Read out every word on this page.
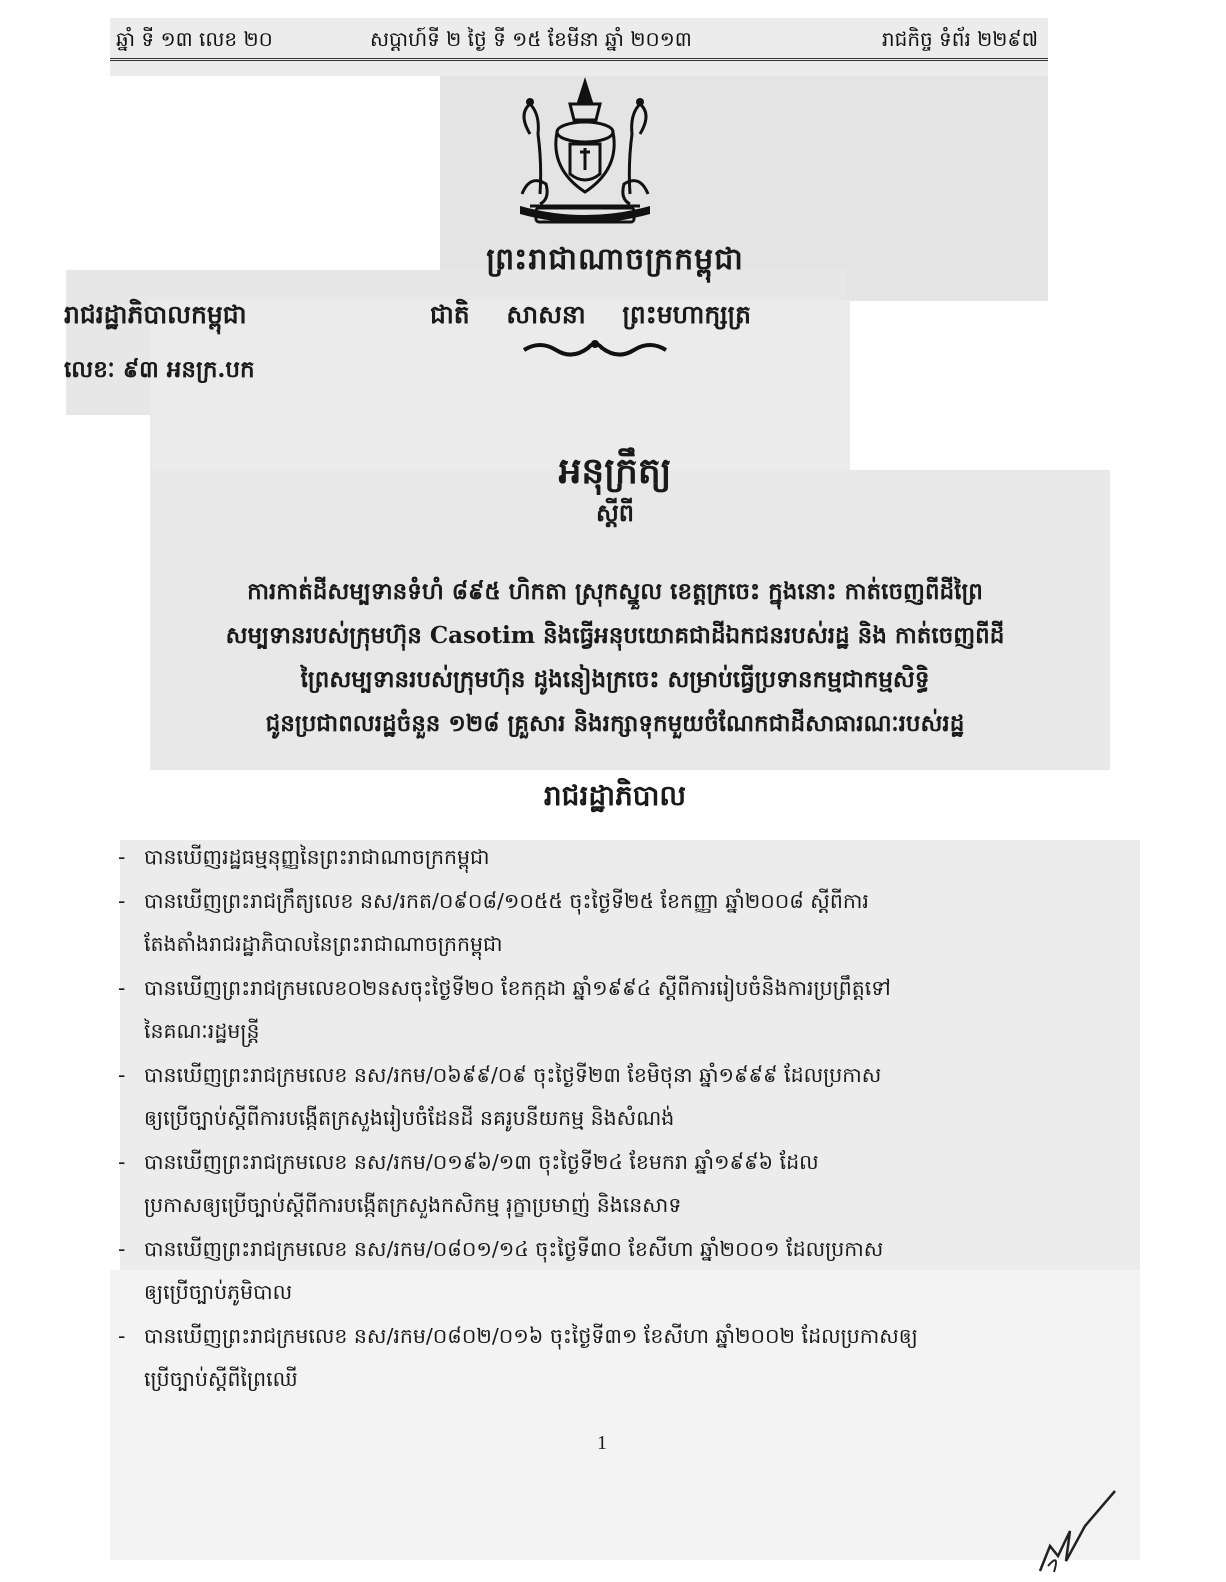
ឆ្នាំ ទី ១៣ លេខ ២០	សប្តាហ៍ទី ២ ថ្ងៃ ទី ១៥ ខែមីនា ឆ្នាំ ២០១៣	រាជកិច្ច ទំព័រ ២២៩៧
ព្រះរាជាណាចក្រកម្ពុជា
រាជរដ្ឋាភិបាលកម្ពុជា	ជាតិ សាសនា ព្រះមហាក្សត្រ
លេខៈ ៩៣ អនក្រ.បក
អនុក្រឹត្យ
ស្តីពី
ការកាត់ដីសម្បទានទំហំ ៨៩៥ ហិកតា ស្រុកស្នួល ខេត្តក្រចេះ ក្នុងនោះ កាត់ចេញពីដីព្រៃ
សម្បទានរបស់ក្រុមហ៊ុន Casotim និងធ្វើអនុបយោគជាដីឯកជនរបស់រដ្ឋ និង កាត់ចេញពីដី
ព្រៃសម្បទានរបស់ក្រុមហ៊ុន ដូងនៀងក្រចេះ សម្រាប់ធ្វើប្រទានកម្មជាកម្មសិទ្ធិ
ជូនប្រជាពលរដ្ឋចំនួន ១២៨ គ្រួសារ និងរក្សាទុកមួយចំណែកជាដីសាធារណៈរបស់រដ្ឋ
រាជរដ្ឋាភិបាល
- បានឃើញរដ្ឋធម្មនុញ្ញនៃព្រះរាជាណាចក្រកម្ពុជា
- បានឃើញព្រះរាជក្រឹត្យលេខ នស/រកត/០៩០៨/១០៥៥ ចុះថ្ងៃទី២៥ ខែកញ្ញា ឆ្នាំ២០០៨ ស្តីពីការ
តែងតាំងរាជរដ្ឋាភិបាលនៃព្រះរាជាណាចក្រកម្ពុជា
- បានឃើញព្រះរាជក្រមលេខ០២នសចុះថ្ងៃទី២០ ខែកក្កដា ឆ្នាំ១៩៩៤ ស្តីពីការរៀបចំនិងការប្រព្រឹត្តទៅ
នៃគណៈរដ្ឋមន្ត្រី
- បានឃើញព្រះរាជក្រមលេខ នស/រកម/០៦៩៩/០៩ ចុះថ្ងៃទី២៣ ខែមិថុនា ឆ្នាំ១៩៩៩ ដែលប្រកាស
ឲ្យប្រើច្បាប់ស្តីពីការបង្កើតក្រសួងរៀបចំដែនដី នគរូបនីយកម្ម និងសំណង់
- បានឃើញព្រះរាជក្រមលេខ នស/រកម/០១៩៦/១៣ ចុះថ្ងៃទី២៤ ខែមករា ឆ្នាំ១៩៩៦ ដែល
ប្រកាសឲ្យប្រើច្បាប់ស្តីពីការបង្កើតក្រសួងកសិកម្ម រុក្ខាប្រមាញ់ និងនេសាទ
- បានឃើញព្រះរាជក្រមលេខ នស/រកម/០៨០១/១៤ ចុះថ្ងៃទី៣០ ខែសីហា ឆ្នាំ២០០១ ដែលប្រកាស
ឲ្យប្រើច្បាប់ភូមិបាល
- បានឃើញព្រះរាជក្រមលេខ នស/រកម/០៨០២/០១៦ ចុះថ្ងៃទី៣១ ខែសីហា ឆ្នាំ២០០២ ដែលប្រកាសឲ្យ
ប្រើច្បាប់ស្តីពីព្រៃឈើ
1
